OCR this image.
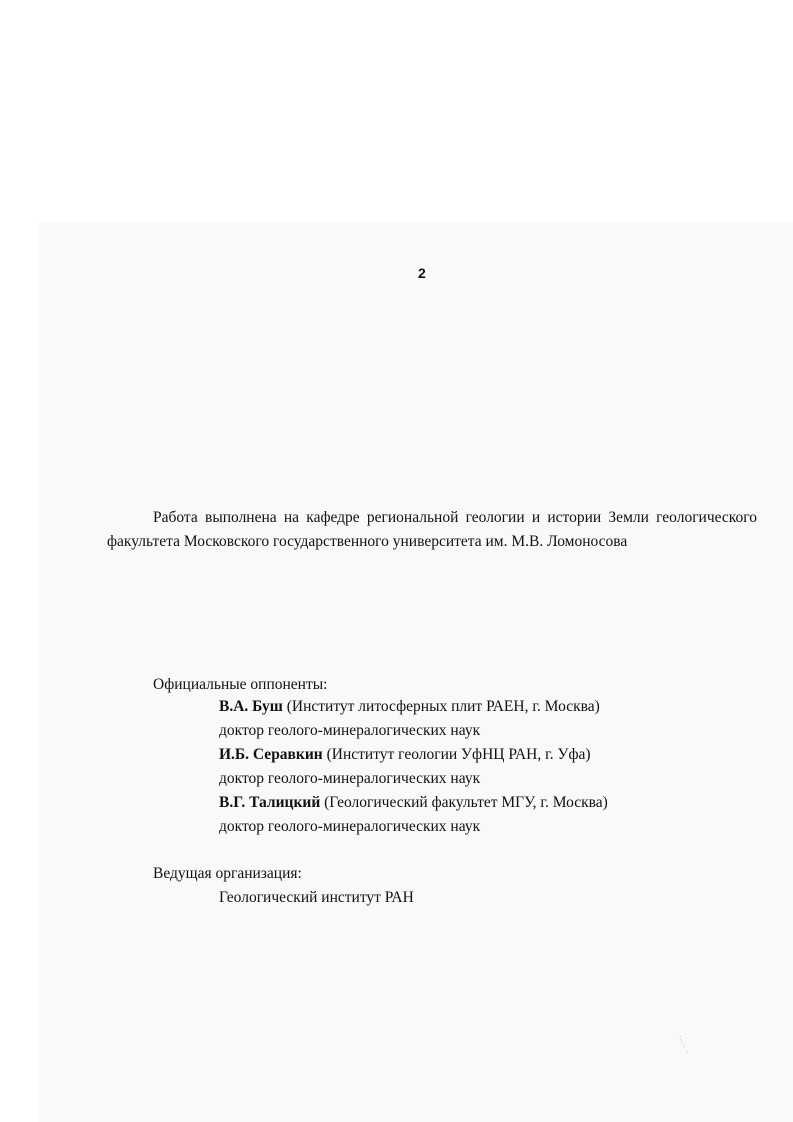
2

Работа выполнена на кафедре региональной геологии и истории Земли геологического факультета Московского государственного университета им. М.В. Ломоносова

Официальные оппоненты:

В.А. Буш (Институт литосферных плит РАЕН, г. Москва)

доктор геолого-минералогических наук

И.Б. Серавкин (Институт геологии УфНЦ РАН, г. Уфа)

доктор геолого-минералогических наук

В.Г. Талицкий (Геологический факультет МГУ, г. Москва)

доктор геолого-минералогических наук

Ведущая организация:

Геологический институт РАН
